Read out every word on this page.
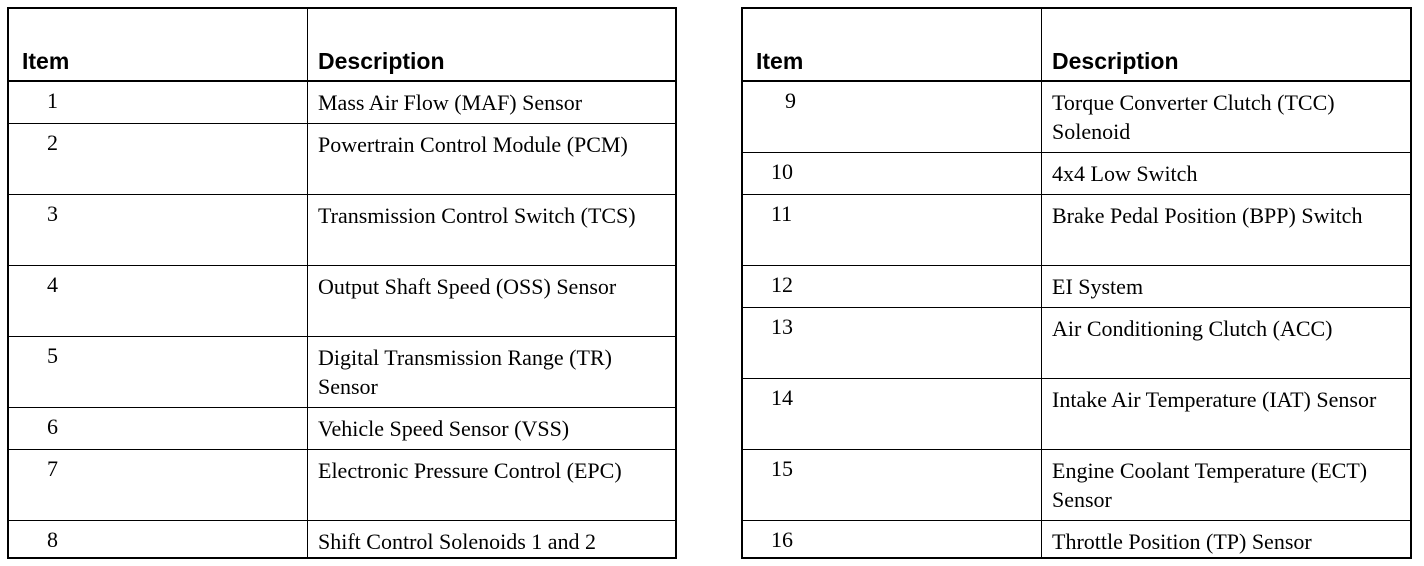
Item	Description
1	Mass Air Flow (MAF) Sensor
2	Powertrain Control Module (PCM)
3	Transmission Control Switch (TCS)
4	Output Shaft Speed (OSS) Sensor
5	Digital Transmission Range (TR) Sensor
6	Vehicle Speed Sensor (VSS)
7	Electronic Pressure Control (EPC)
8	Shift Control Solenoids 1 and 2
Item	Description
9	Torque Converter Clutch (TCC) Solenoid
10	4x4 Low Switch
11	Brake Pedal Position (BPP) Switch
12	EI System
13	Air Conditioning Clutch (ACC)
14	Intake Air Temperature (IAT) Sensor
15	Engine Coolant Temperature (ECT) Sensor
16	Throttle Position (TP) Sensor
